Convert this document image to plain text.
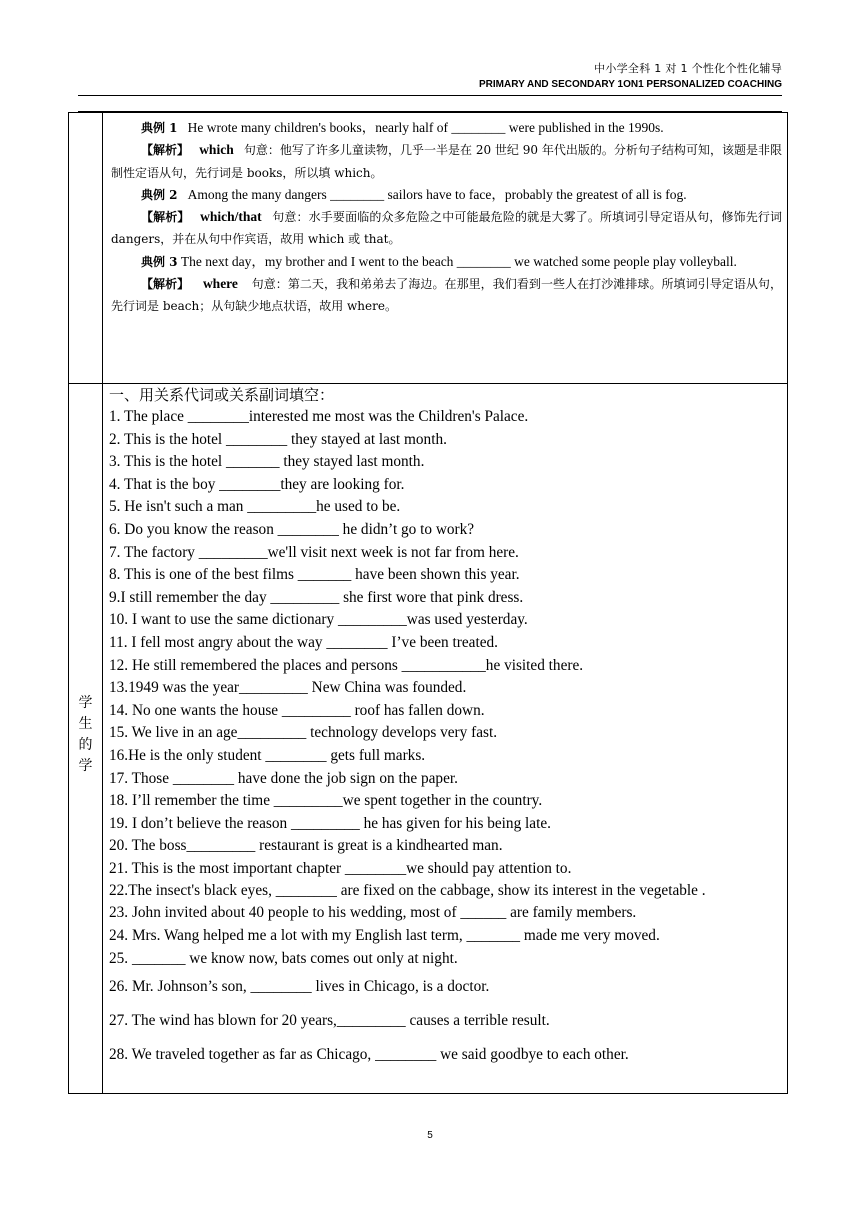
中小学全科 1 对 1 个性化个性化辅导
PRIMARY AND SECONDARY 1ON1 PERSONALIZED COACHING

典例 1 He wrote many children's books，nearly half of ________ were published in the 1990s.

【解析】 which 句意：他写了许多儿童读物，几乎一半是在 20 世纪 90 年代出版的。分析句子结构可知，该题是非限制性定语从句，先行词是 books，所以填 which。

典例 2 Among the many dangers ________ sailors have to face，probably the greatest of all is fog.

【解析】 which/that 句意：水手要面临的众多危险之中可能最危险的就是大雾了。所填词引导定语从句，修饰先行词 dangers，并在从句中作宾语，故用 which 或 that。

典例 3 The next day，my brother and I went to the beach ________ we watched some people play volleyball.

【解析】 where 句意：第二天，我和弟弟去了海边。在那里，我们看到一些人在打沙滩排球。所填词引导定语从句，先行词是 beach；从句缺少地点状语，故用 where。

学
生
的
学
一、用关系代词或关系副词填空：
1. The place ________interested me most was the Children's Palace.
2. This is the hotel ________ they stayed at last month.
3. This is the hotel _______ they stayed last month.
4. That is the boy ________they are looking for.
5. He isn't such a man _________he used to be.
6. Do you know the reason ________ he didn’t go to work?
7. The factory _________we'll visit next week is not far from here.
8. This is one of the best films _______ have been shown this year.
9.I still remember the day _________ she first wore that pink dress.
10. I want to use the same dictionary _________was used yesterday.
11. I fell most angry about the way ________ I’ve been treated.
12. He still remembered the places and persons ___________he visited there.
13.1949 was the year_________ New China was founded.
14. No one wants the house _________ roof has fallen down.
15. We live in an age_________ technology develops very fast.
16.He is the only student ________ gets full marks.
17. Those ________ have done the job sign on the paper.
18. I’ll remember the time _________we spent together in the country.
19. I don’t believe the reason _________ he has given for his being late.
20. The boss_________ restaurant is great is a kindhearted man.
21. This is the most important chapter ________we should pay attention to.
22.The insect's black eyes, ________ are fixed on the cabbage, show its interest in the vegetable .
23. John invited about 40 people to his wedding, most of ______ are family members.
24. Mrs. Wang helped me a lot with my English last term, _______ made me very moved.
25. _______ we know now, bats comes out only at night.
26. Mr. Johnson’s son, ________ lives in Chicago, is a doctor.
27. The wind has blown for 20 years,_________ causes a terrible result.
28. We traveled together as far as Chicago, ________ we said goodbye to each other.
5
